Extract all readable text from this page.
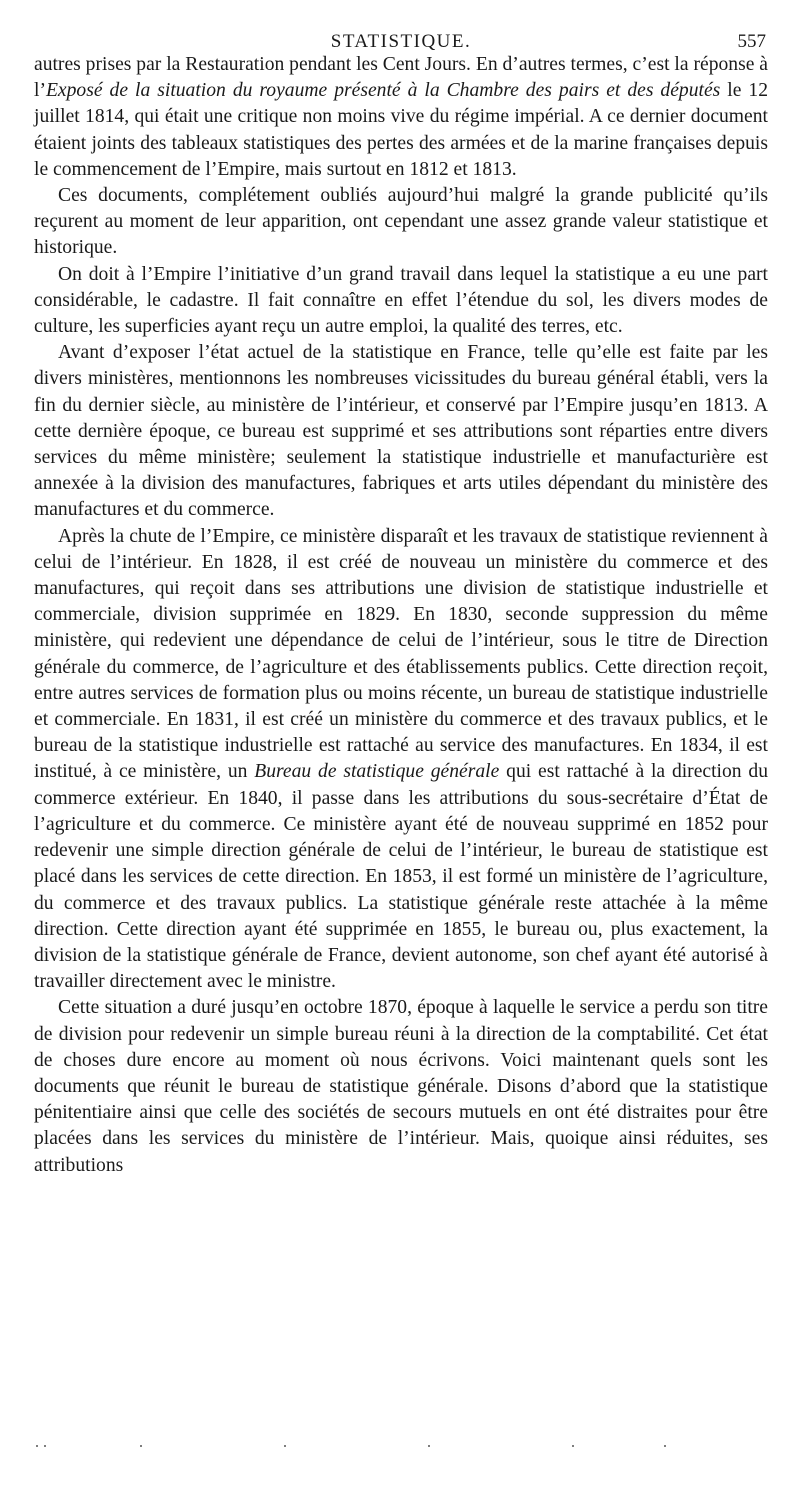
STATISTIQUE.	557

autres prises par la Restauration pendant les Cent Jours. En d’autres termes, c’est la réponse à l’Exposé de la situation du royaume présenté à la Chambre des pairs et des députés le 12 juillet 1814, qui était une critique non moins vive du régime impérial. A ce dernier document étaient joints des tableaux statistiques des pertes des armées et de la marine françaises depuis le commencement de l’Empire, mais surtout en 1812 et 1813.

Ces documents, complétement oubliés aujourd’hui malgré la grande publicité qu’ils reçurent au moment de leur apparition, ont cependant une assez grande valeur statistique et historique.

On doit à l’Empire l’initiative d’un grand travail dans lequel la statistique a eu une part considérable, le cadastre. Il fait connaître en effet l’étendue du sol, les divers modes de culture, les superficies ayant reçu un autre emploi, la qualité des terres, etc.

Avant d’exposer l’état actuel de la statistique en France, telle qu’elle est faite par les divers ministères, mentionnons les nombreuses vicissitudes du bureau général établi, vers la fin du dernier siècle, au ministère de l’intérieur, et conservé par l’Empire jusqu’en 1813. A cette dernière époque, ce bureau est supprimé et ses attributions sont réparties entre divers services du même ministère; seulement la statistique industrielle et manufacturière est annexée à la division des manufactures, fabriques et arts utiles dépendant du ministère des manufactures et du commerce.

Après la chute de l’Empire, ce ministère disparaît et les travaux de statistique reviennent à celui de l’intérieur. En 1828, il est créé de nouveau un ministère du commerce et des manufactures, qui reçoit dans ses attributions une division de statistique industrielle et commerciale, division supprimée en 1829. En 1830, seconde suppression du même ministère, qui redevient une dépendance de celui de l’intérieur, sous le titre de Direction générale du commerce, de l’agriculture et des établissements publics. Cette direction reçoit, entre autres services de formation plus ou moins récente, un bureau de statistique industrielle et commerciale. En 1831, il est créé un ministère du commerce et des travaux publics, et le bureau de la statistique industrielle est rattaché au service des manufactures. En 1834, il est institué, à ce ministère, un Bureau de statistique générale qui est rattaché à la direction du commerce extérieur. En 1840, il passe dans les attributions du sous-secrétaire d’État de l’agriculture et du commerce. Ce ministère ayant été de nouveau supprimé en 1852 pour redevenir une simple direction générale de celui de l’intérieur, le bureau de statistique est placé dans les services de cette direction. En 1853, il est formé un ministère de l’agriculture, du commerce et des travaux publics. La statistique générale reste attachée à la même direction. Cette direction ayant été supprimée en 1855, le bureau ou, plus exactement, la division de la statistique générale de France, devient autonome, son chef ayant été autorisé à travailler directement avec le ministre.

Cette situation a duré jusqu’en octobre 1870, époque à laquelle le service a perdu son titre de division pour redevenir un simple bureau réuni à la direction de la comptabilité. Cet état de choses dure encore au moment où nous écrivons. Voici maintenant quels sont les documents que réunit le bureau de statistique générale. Disons d’abord que la statistique pénitentiaire ainsi que celle des sociétés de secours mutuels en ont été distraites pour être placées dans les services du ministère de l’intérieur. Mais, quoique ainsi réduites, ses attributions
